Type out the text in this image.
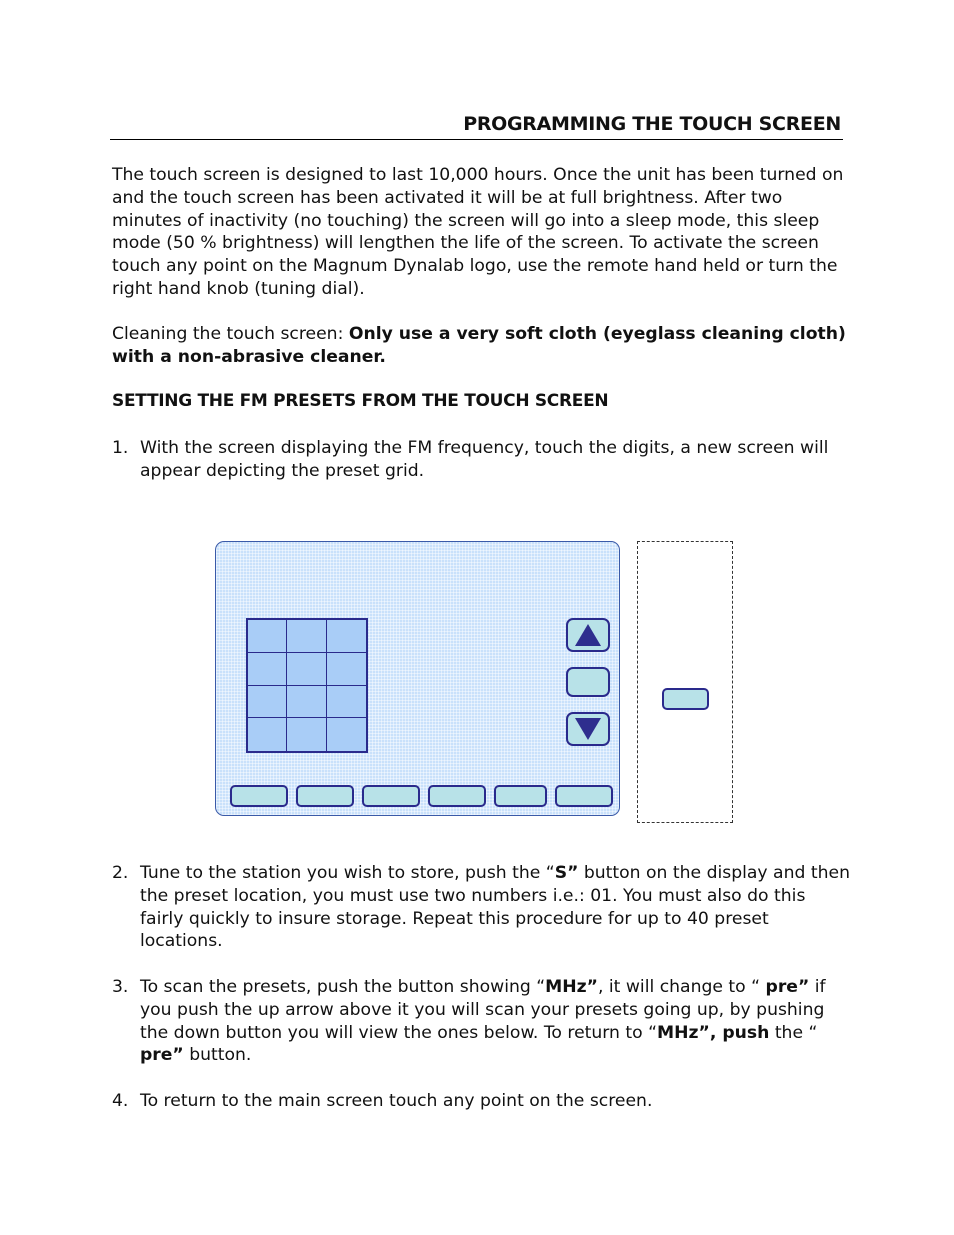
PROGRAMMING THE TOUCH SCREEN

The touch screen is designed to last 10,000 hours. Once the unit has been turned on and the touch screen has been activated it will be at full brightness. After two minutes of inactivity (no touching) the screen will go into a sleep mode, this sleep mode (50 % brightness) will lengthen the life of the screen. To activate the screen touch any point on the Magnum Dynalab logo, use the remote hand held or turn the right hand knob (tuning dial).

Cleaning the touch screen: Only use a very soft cloth (eyeglass cleaning cloth) with a non-abrasive cleaner.

SETTING THE FM PRESETS FROM THE TOUCH SCREEN
1. With the screen displaying the FM frequency, touch the digits, a new screen will appear depicting the preset grid.
2. Tune to the station you wish to store, push the “S” button on the display and then the preset location, you must use two numbers i.e.: 01. You must also do this fairly quickly to insure storage. Repeat this procedure for up to 40 preset locations.
3. To scan the presets, push the button showing “MHz”, it will change to “ pre” if you push the up arrow above it you will scan your presets going up, by pushing the down button you will view the ones below. To return to “MHz”, push the “ pre” button.
4. To return to the main screen touch any point on the screen.
